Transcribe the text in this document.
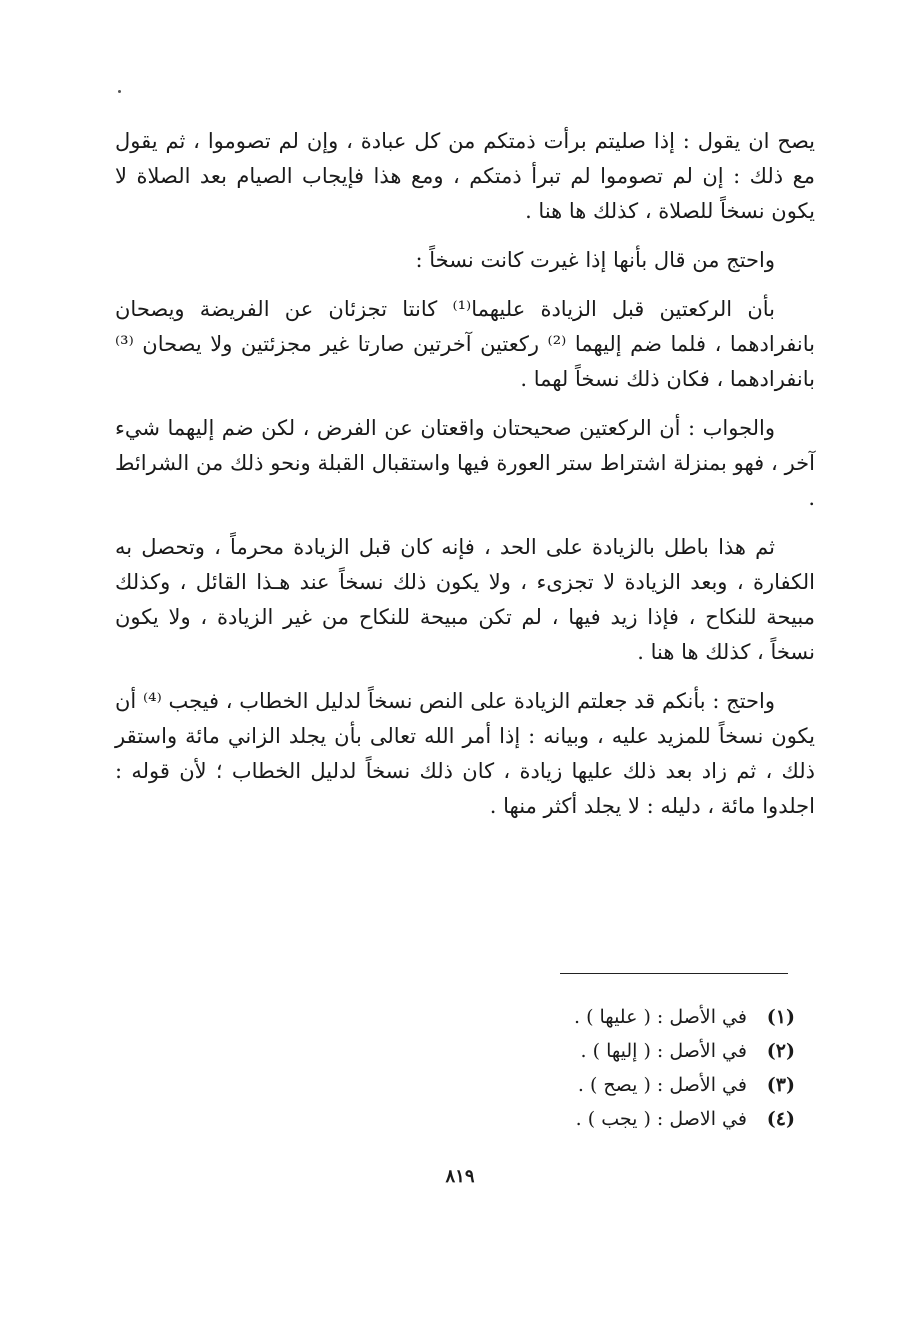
يصح ان يقول : إذا صليتم برأت ذمتكم من كل عبادة ، وإن لم تصوموا ، ثم يقول مع ذلك : إن لم تصوموا لم تبرأ ذمتكم ، ومع هذا فإيجاب الصيام بعد الصلاة لا يكون نسخاً للصلاة ، كذلك ها هنا .

واحتج من قال بأنها إذا غيرت كانت نسخاً :

بأن الركعتين قبل الزيادة عليهما⁽¹⁾ كانتا تجزئان عن الفريضة ويصحان بانفرادهما ، فلما ضم إليهما ⁽²⁾ ركعتين آخرتين صارتا غير مجزئتين ولا يصحان ⁽³⁾ بانفرادهما ، فكان ذلك نسخاً لهما .

والجواب : أن الركعتين صحيحتان واقعتان عن الفرض ، لكن ضم إليهما شيء آخر ، فهو بمنزلة اشتراط ستر العورة فيها واستقبال القبلة ونحو ذلك من الشرائط .

ثم هذا باطل بالزيادة على الحد ، فإنه كان قبل الزيادة محرماً ، وتحصل به الكفارة ، وبعد الزيادة لا تجزىء ، ولا يكون ذلك نسخاً عند هـذا القائل ، وكذلك مبيحة للنكاح ، فإذا زيد فيها ، لم تكن مبيحة للنكاح من غير الزيادة ، ولا يكون نسخاً ، كذلك ها هنا .

واحتج : بأنكم قد جعلتم الزيادة على النص نسخاً لدليل الخطاب ، فيجب ⁽⁴⁾ أن يكون نسخاً للمزيد عليه ، وبيانه : إذا أمر الله تعالى بأن يجلد الزاني مائة واستقر ذلك ، ثم زاد بعد ذلك عليها زيادة ، كان ذلك نسخاً لدليل الخطاب ؛ لأن قوله : اجلدوا مائة ، دليله : لا يجلد أكثر منها .

(١) في الأصل : ( عليها ) .
(٢) في الأصل : ( إليها ) .
(٣) في الأصل : ( يصح ) .
(٤) في الاصل : ( يجب ) .
٨١٩
